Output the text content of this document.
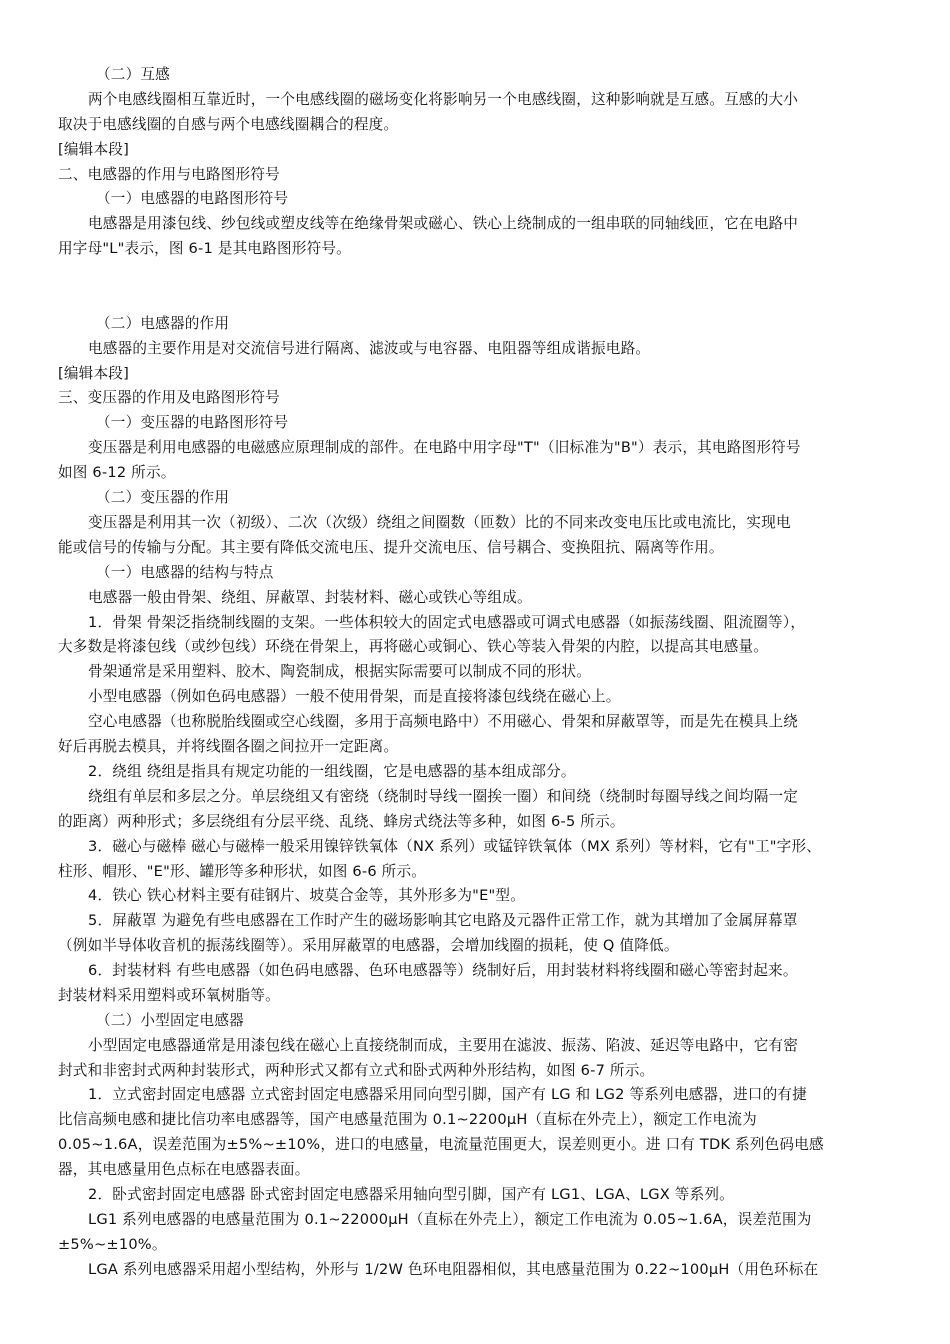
（二）互感
两个电感线圈相互靠近时，一个电感线圈的磁场变化将影响另一个电感线圈，这种影响就是互感。互感的大小
取决于电感线圈的自感与两个电感线圈耦合的程度。
[编辑本段]
二、电感器的作用与电路图形符号
（一）电感器的电路图形符号
电感器是用漆包线、纱包线或塑皮线等在绝缘骨架或磁心、铁心上绕制成的一组串联的同轴线匝，它在电路中
用字母"L"表示，图 6-1 是其电路图形符号。
（二）电感器的作用
电感器的主要作用是对交流信号进行隔离、滤波或与电容器、电阻器等组成谐振电路。
[编辑本段]
三、变压器的作用及电路图形符号
（一）变压器的电路图形符号
变压器是利用电感器的电磁感应原理制成的部件。在电路中用字母"T"（旧标准为"B"）表示，其电路图形符号
如图 6-12 所示。
（二）变压器的作用
变压器是利用其一次（初级）、二次（次级）绕组之间圈数（匝数）比的不同来改变电压比或电流比，实现电
能或信号的传输与分配。其主要有降低交流电压、提升交流电压、信号耦合、变换阻抗、隔离等作用。
（一）电感器的结构与特点
电感器一般由骨架、绕组、屏蔽罩、封装材料、磁心或铁心等组成。
1．骨架 骨架泛指绕制线圈的支架。一些体积较大的固定式电感器或可调式电感器（如振荡线圈、阻流圈等），
大多数是将漆包线（或纱包线）环绕在骨架上，再将磁心或铜心、铁心等装入骨架的内腔，以提高其电感量。
骨架通常是采用塑料、胶木、陶瓷制成，根据实际需要可以制成不同的形状。
小型电感器（例如色码电感器）一般不使用骨架，而是直接将漆包线绕在磁心上。
空心电感器（也称脱胎线圈或空心线圈，多用于高频电路中）不用磁心、骨架和屏蔽罩等，而是先在模具上绕
好后再脱去模具，并将线圈各圈之间拉开一定距离。
2．绕组 绕组是指具有规定功能的一组线圈，它是电感器的基本组成部分。
绕组有单层和多层之分。单层绕组又有密绕（绕制时导线一圈挨一圈）和间绕（绕制时每圈导线之间均隔一定
的距离）两种形式；多层绕组有分层平绕、乱绕、蜂房式绕法等多种，如图 6-5 所示。
3．磁心与磁棒 磁心与磁棒一般采用镍锌铁氧体（NX 系列）或锰锌铁氧体（MX 系列）等材料，它有"工"字形、
柱形、帽形、"E"形、罐形等多种形状，如图 6-6 所示。
4．铁心 铁心材料主要有硅钢片、坡莫合金等，其外形多为"E"型。
5．屏蔽罩 为避免有些电感器在工作时产生的磁场影响其它电路及元器件正常工作，就为其增加了金属屏幕罩
（例如半导体收音机的振荡线圈等）。采用屏蔽罩的电感器，会增加线圈的损耗，使 Q 值降低。
6．封装材料 有些电感器（如色码电感器、色环电感器等）绕制好后，用封装材料将线圈和磁心等密封起来。
封装材料采用塑料或环氧树脂等。
（二）小型固定电感器
小型固定电感器通常是用漆包线在磁心上直接绕制而成，主要用在滤波、振荡、陷波、延迟等电路中，它有密
封式和非密封式两种封装形式，两种形式又都有立式和卧式两种外形结构，如图 6-7 所示。
1．立式密封固定电感器 立式密封固定电感器采用同向型引脚，国产有 LG 和 LG2 等系列电感器，进口的有捷
比信高频电感和捷比信功率电感器等，国产电感量范围为 0.1~2200μH（直标在外壳上），额定工作电流为
0.05~1.6A，误差范围为±5%~±10%，进口的电感量，电流量范围更大，误差则更小。进 口有 TDK 系列色码电感
器，其电感量用色点标在电感器表面。
2．卧式密封固定电感器 卧式密封固定电感器采用轴向型引脚，国产有 LG1、LGA、LGX 等系列。
LG1 系列电感器的电感量范围为 0.1~22000μH（直标在外壳上），额定工作电流为 0.05~1.6A，误差范围为
±5%~±10%。
LGA 系列电感器采用超小型结构，外形与 1/2W 色环电阻器相似，其电感量范围为 0.22~100μH（用色环标在
